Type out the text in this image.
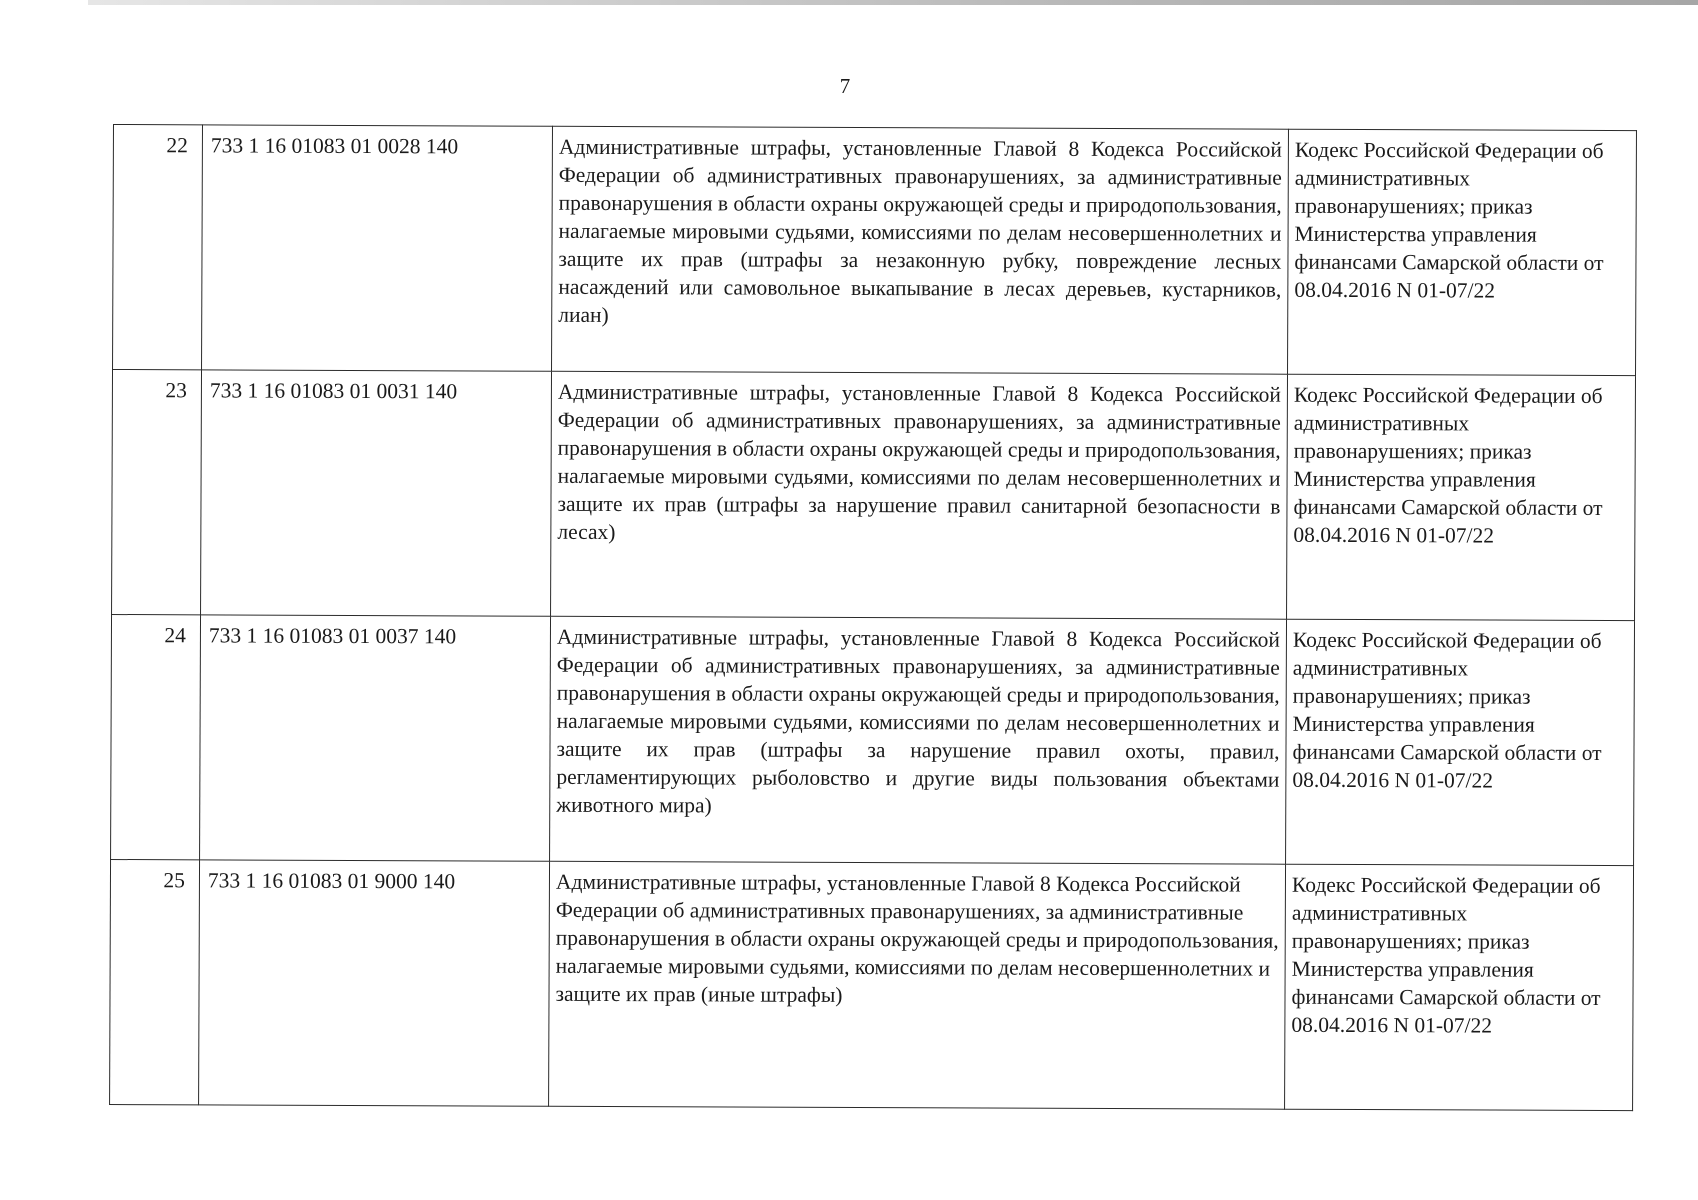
7
22	733 1 16 01083 01 0028 140	Административные штрафы, установленные Главой 8 Кодекса Российской Федерации об административных правонарушениях, за административные правонарушения в области охраны окружающей среды и природопользования, налагаемые мировыми судьями, комиссиями по делам несовершеннолетних и защите их прав (штрафы за незаконную рубку, повреждение лесных насаждений или самовольное выкапывание в лесах деревьев, кустарников, лиан)	Кодекс Российской Федерации об административных правонарушениях; приказ Министерства управления финансами Самарской области от 08.04.2016 N 01-07/22
23	733 1 16 01083 01 0031 140	Административные штрафы, установленные Главой 8 Кодекса Российской Федерации об административных правонарушениях, за административные правонарушения в области охраны окружающей среды и природопользования, налагаемые мировыми судьями, комиссиями по делам несовершеннолетних и защите их прав (штрафы за нарушение правил санитарной безопасности в лесах)	Кодекс Российской Федерации об административных правонарушениях; приказ Министерства управления финансами Самарской области от 08.04.2016 N 01-07/22
24	733 1 16 01083 01 0037 140	Административные штрафы, установленные Главой 8 Кодекса Российской Федерации об административных правонарушениях, за административные правонарушения в области охраны окружающей среды и природопользования, налагаемые мировыми судьями, комиссиями по делам несовершеннолетних и защите их прав (штрафы за нарушение правил охоты, правил, регламентирующих рыболовство и другие виды пользования объектами животного мира)	Кодекс Российской Федерации об административных правонарушениях; приказ Министерства управления финансами Самарской области от 08.04.2016 N 01-07/22
25	733 1 16 01083 01 9000 140	Административные штрафы, установленные Главой 8 Кодекса Российской Федерации об административных правонарушениях, за административные правонарушения в области охраны окружающей среды и природопользования, налагаемые мировыми судьями, комиссиями по делам несовершеннолетних и защите их прав (иные штрафы)	Кодекс Российской Федерации об административных правонарушениях; приказ Министерства управления финансами Самарской области от 08.04.2016 N 01-07/22
